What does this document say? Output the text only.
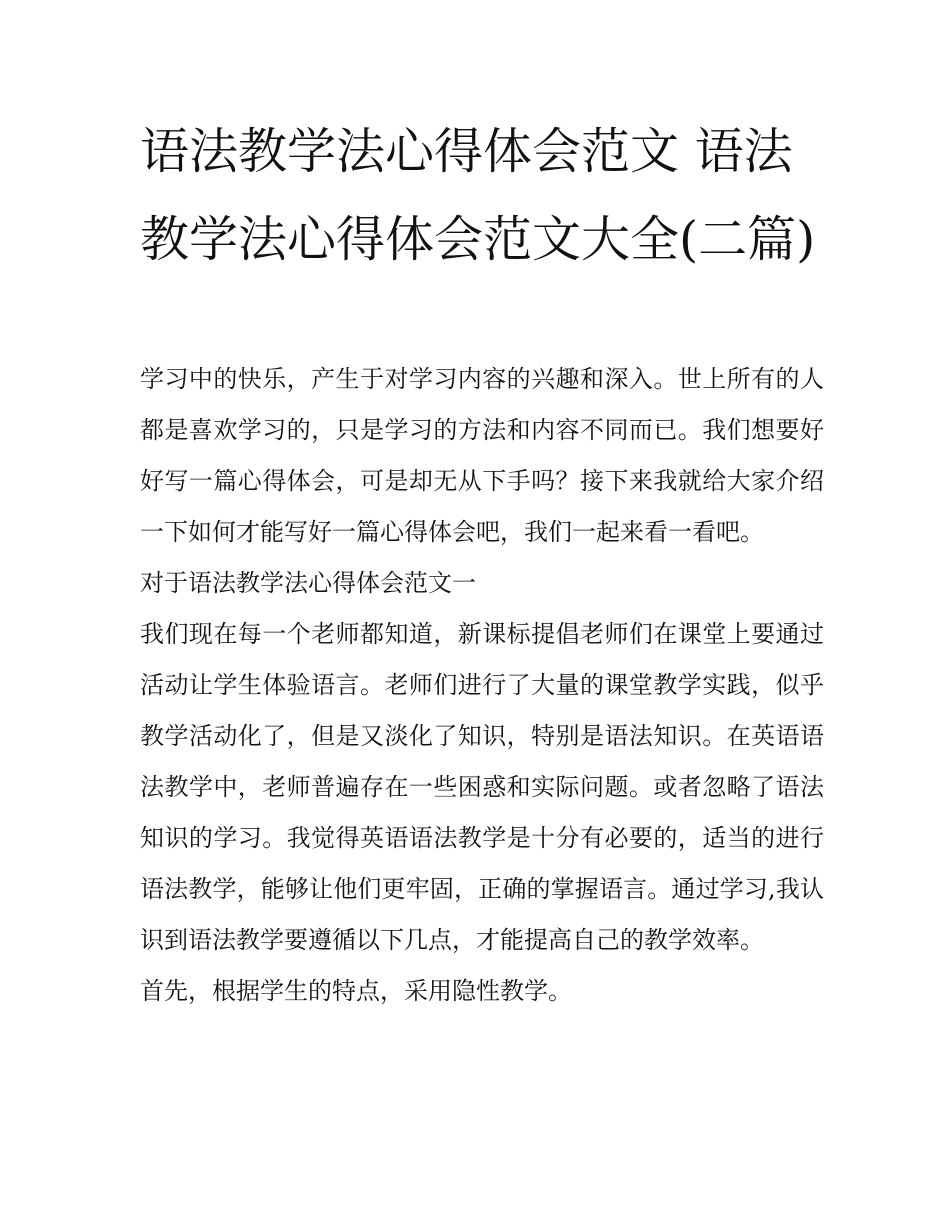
语法教学法心得体会范文 语法教学法心得体会范文大全(二篇)

学习中的快乐，产生于对学习内容的兴趣和深入。世上所有的人都是喜欢学习的，只是学习的方法和内容不同而已。我们想要好好写一篇心得体会，可是却无从下手吗？接下来我就给大家介绍一下如何才能写好一篇心得体会吧，我们一起来看一看吧。

对于语法教学法心得体会范文一

我们现在每一个老师都知道，新课标提倡老师们在课堂上要通过活动让学生体验语言。老师们进行了大量的课堂教学实践，似乎教学活动化了，但是又淡化了知识，特别是语法知识。在英语语法教学中，老师普遍存在一些困惑和实际问题。或者忽略了语法知识的学习。我觉得英语语法教学是十分有必要的，适当的进行语法教学，能够让他们更牢固，正确的掌握语言。通过学习,我认识到语法教学要遵循以下几点，才能提高自己的教学效率。

首先，根据学生的特点，采用隐性教学。
